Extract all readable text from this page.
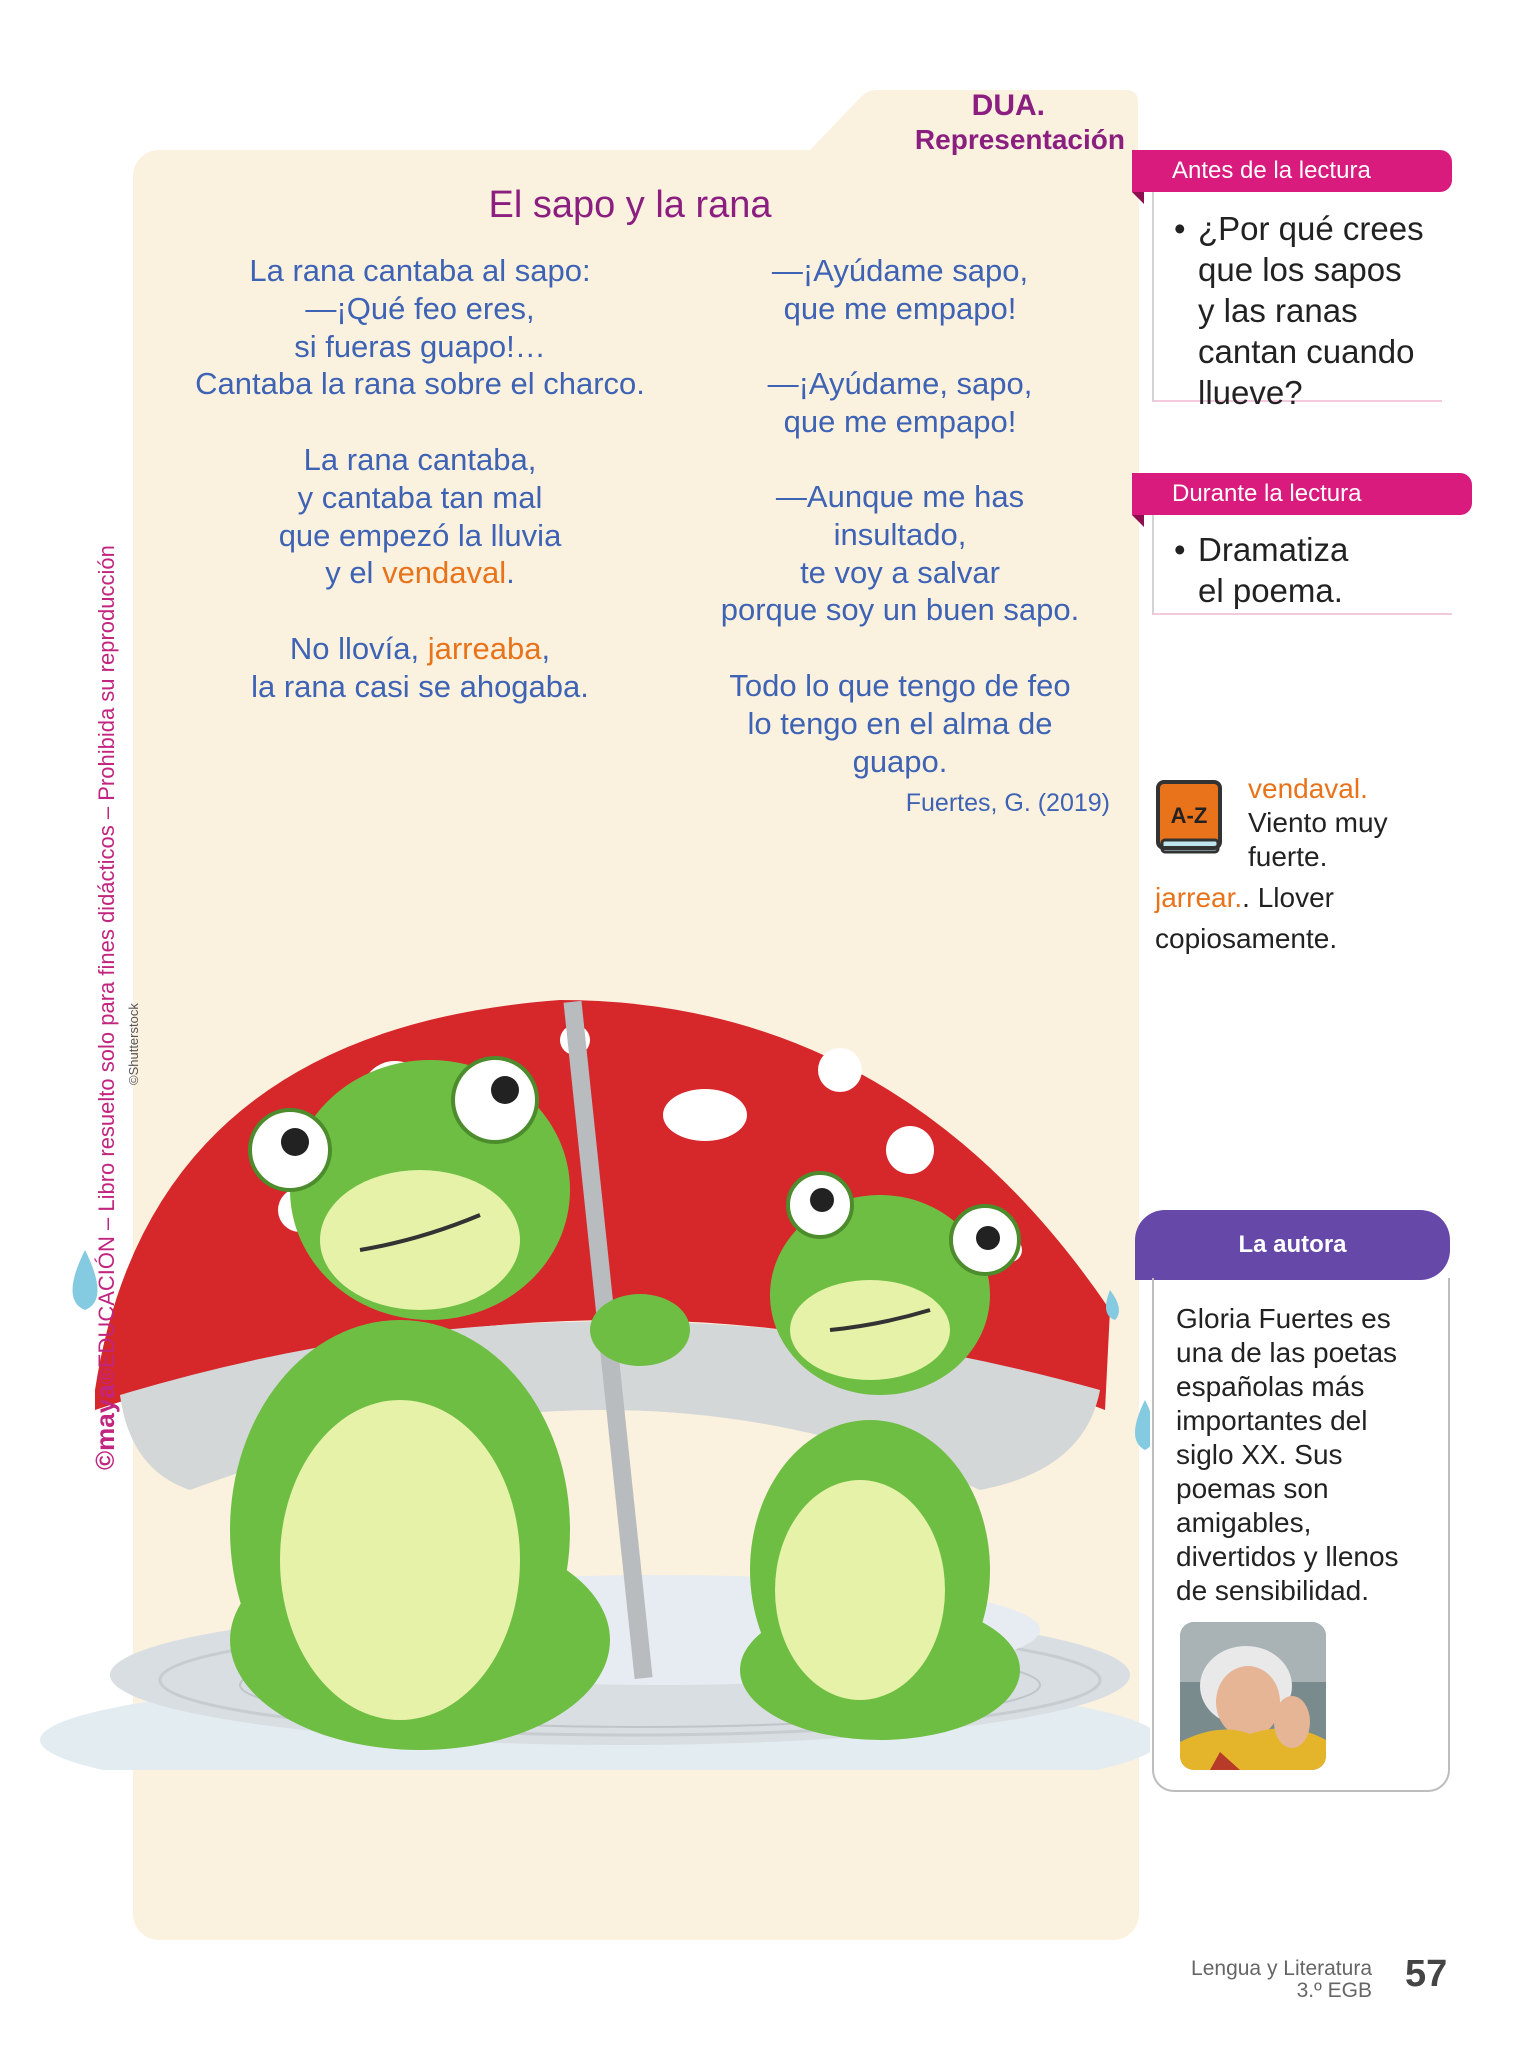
DUA.
Representación
El sapo y la rana
La rana cantaba al sapo:
—¡Qué feo eres,
si fueras guapo!…
Cantaba la rana sobre el charco.
La rana cantaba,
y cantaba tan mal
que empezó la lluvia
y el vendaval.
No llovía, jarreaba,
la rana casi se ahogaba.
—¡Ayúdame sapo,
que me empapo!
—¡Ayúdame, sapo,
que me empapo!
—Aunque me has
insultado,
te voy a salvar
porque soy un buen sapo.
Todo lo que tengo de feo
lo tengo en el alma de
guapo.
Fuertes, G. (2019)
©maya®EDUCACIÓN – Libro resuelto solo para fines didácticos – Prohibida su reproducción ©Shutterstock
Antes de la lectura
• ¿Por qué crees
que los sapos
y las ranas
cantan cuando
llueve?
Durante la lectura
• Dramatiza
el poema.
A-Z
vendaval.
Viento muy
fuerte.
jarrear.. Llover
copiosamente.
La autora
Gloria Fuertes es
una de las poetas
españolas más
importantes del
siglo XX. Sus
poemas son
amigables,
divertidos y llenos
de sensibilidad.
Lengua y Literatura
3.º EGB 57
